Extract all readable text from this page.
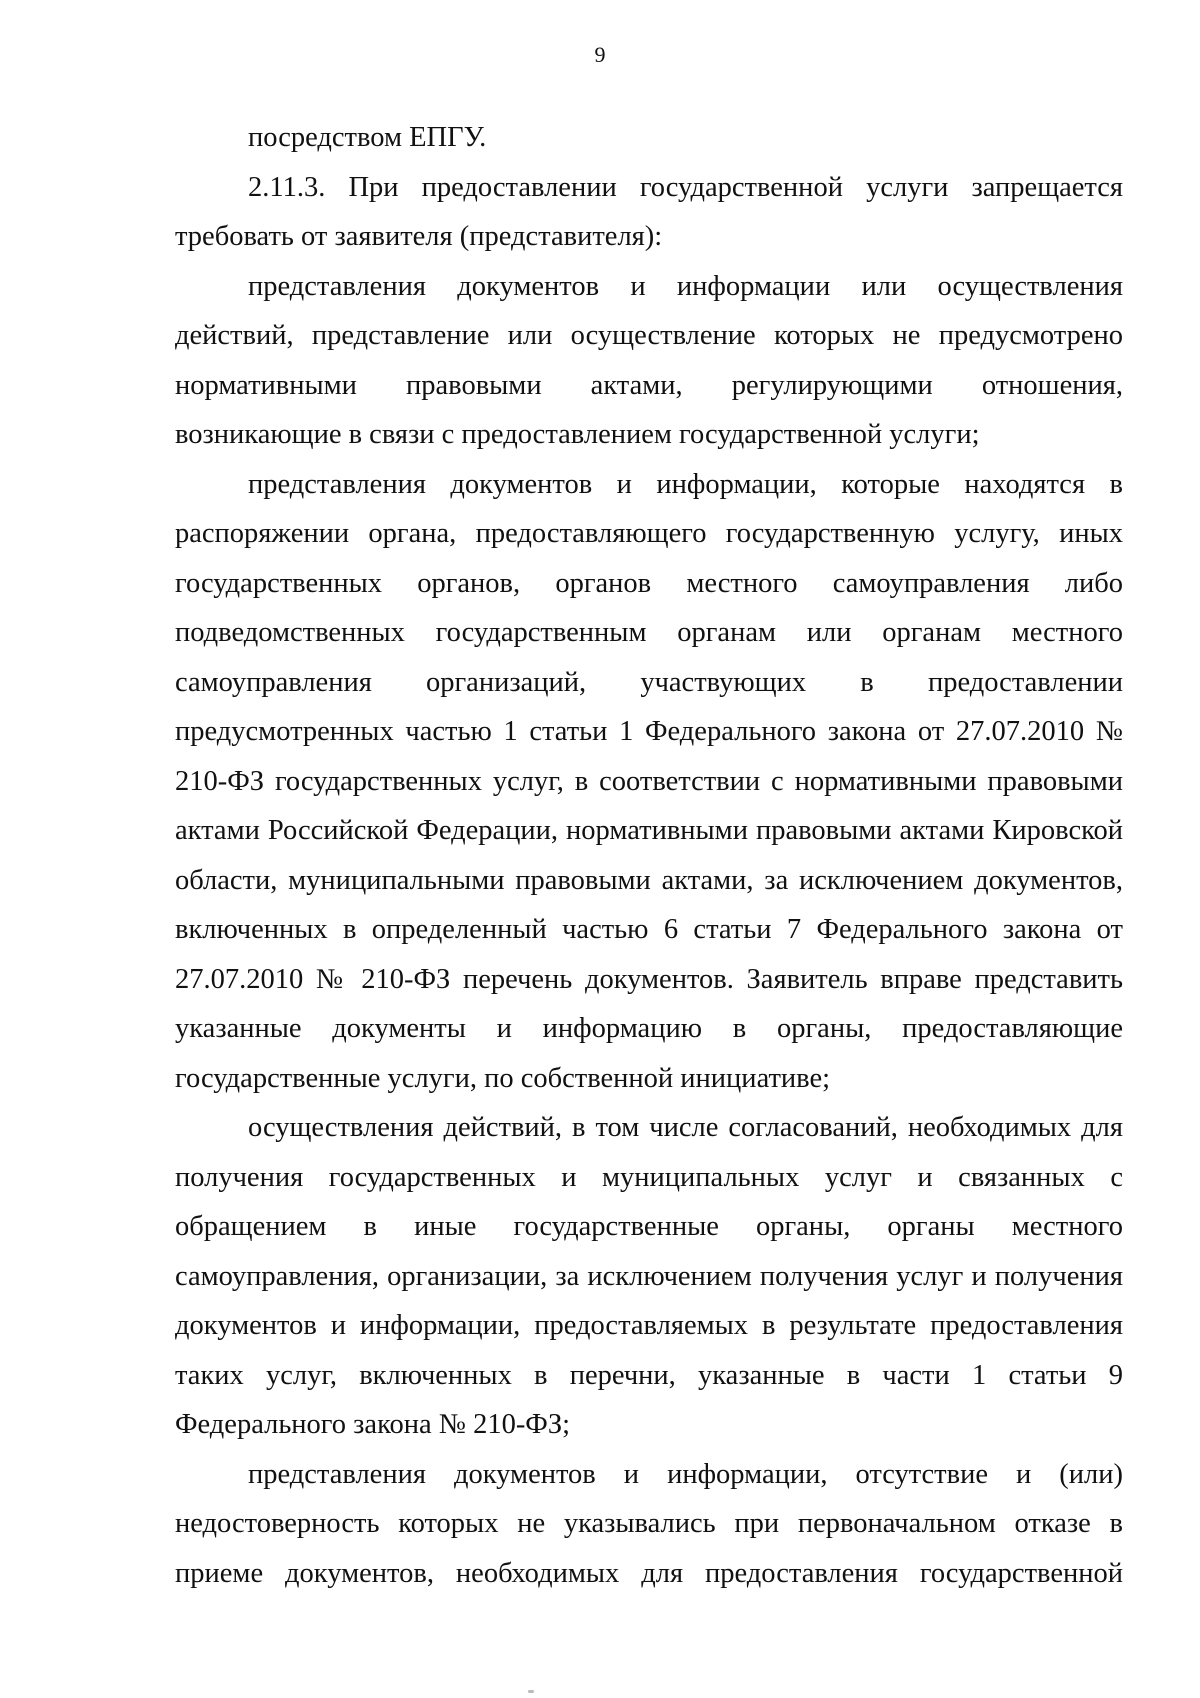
9

посредством ЕПГУ.

2.11.3. При предоставлении государственной услуги запрещается требовать от заявителя (представителя):

представления документов и информации или осуществления действий, представление или осуществление которых не предусмотрено нормативными правовыми актами, регулирующими отношения, возникающие в связи с предоставлением государственной услуги;

представления документов и информации, которые находятся в распоряжении органа, предоставляющего государственную услугу, иных государственных органов, органов местного самоуправления либо подведомственных государственным органам или органам местного самоуправления организаций, участвующих в предоставлении предусмотренных частью 1 статьи 1 Федерального закона от 27.07.2010 № 210-ФЗ государственных услуг, в соответствии с нормативными правовыми актами Российской Федерации, нормативными правовыми актами Кировской области, муниципальными правовыми актами, за исключением документов, включенных в определенный частью 6 статьи 7 Федерального закона от 27.07.2010 № 210-ФЗ перечень документов. Заявитель вправе представить указанные документы и информацию в органы, предоставляющие государственные услуги, по собственной инициативе;

осуществления действий, в том числе согласований, необходимых для получения государственных и муниципальных услуг и связанных с обращением в иные государственные органы, органы местного самоуправления, организации, за исключением получения услуг и получения документов и информации, предоставляемых в результате предоставления таких услуг, включенных в перечни, указанные в части 1 статьи 9 Федерального закона № 210-ФЗ;

представления документов и информации, отсутствие и (или) недостоверность которых не указывались при первоначальном отказе в приеме документов, необходимых для предоставления государственной
